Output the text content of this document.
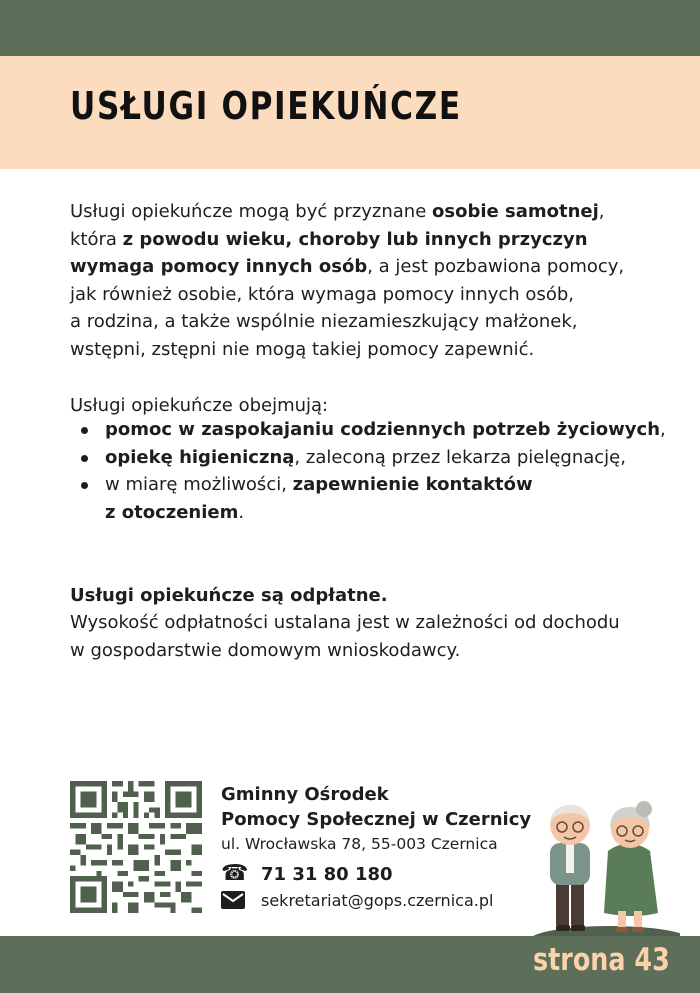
USŁUGI OPIEKUŃCZE

Usługi opiekuńcze mogą być przyznane osobie samotnej,
która z powodu wieku, choroby lub innych przyczyn
wymaga pomocy innych osób, a jest pozbawiona pomocy,
jak również osobie, która wymaga pomocy innych osób,
a rodzina, a także wspólnie niezamieszkujący małżonek,
wstępni, zstępni nie mogą takiej pomocy zapewnić.

Usługi opiekuńcze obejmują:

pomoc w zaspokajaniu codziennych potrzeb życiowych,
opiekę higieniczną, zaleconą przez lekarza pielęgnację,
w miarę możliwości, zapewnienie kontaktów
z otoczeniem.

Usługi opiekuńcze są odpłatne.

Wysokość odpłatności ustalana jest w zależności od dochodu
w gospodarstwie domowym wnioskodawcy.

Gminny Ośrodek
Pomocy Społecznej w Czernicy

ul. Wrocławska 78, 55-003 Czernica
☎ 71 31 80 180
sekretariat@gops.czernica.pl
strona 43
